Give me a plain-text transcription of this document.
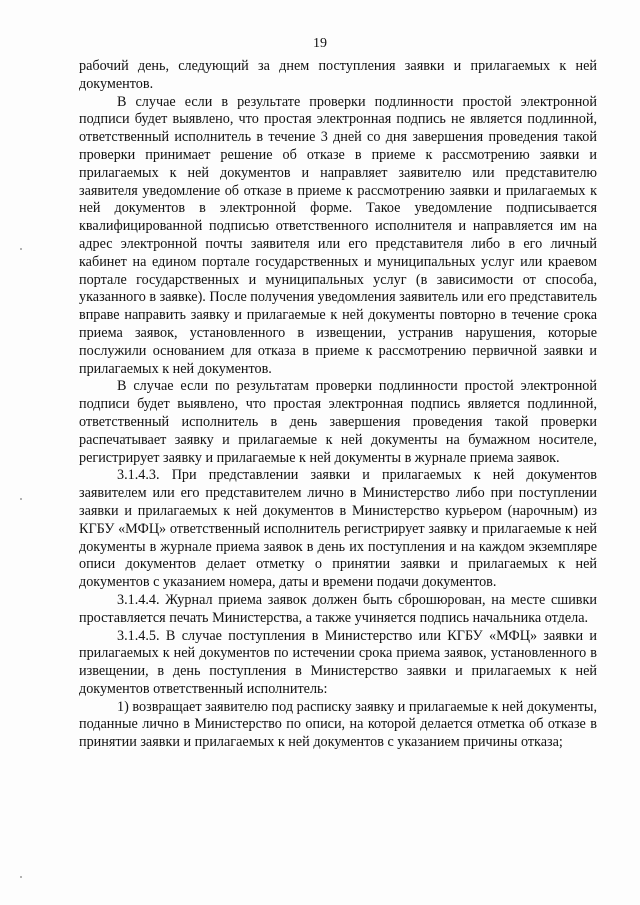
19

рабочий день, следующий за днем поступления заявки и прилагаемых к ней документов.

В случае если в результате проверки подлинности простой электронной подписи будет выявлено, что простая электронная подпись не является подлинной, ответственный исполнитель в течение 3 дней со дня завершения проведения такой проверки принимает решение об отказе в приеме к рассмотрению заявки и прилагаемых к ней документов и направляет заявителю или представителю заявителя уведомление об отказе в приеме к рассмотрению заявки и прилагаемых к ней документов в электронной форме. Такое уведомление подписывается квалифицированной подписью ответственного исполнителя и направляется им на адрес электронной почты заявителя или его представителя либо в его личный кабинет на едином портале государственных и муниципальных услуг или краевом портале государственных и муниципальных услуг (в зависимости от способа, указанного в заявке). После получения уведомления заявитель или его представитель вправе направить заявку и прилагаемые к ней документы повторно в течение срока приема заявок, установленного в извещении, устранив нарушения, которые послужили основанием для отказа в приеме к рассмотрению первичной заявки и прилагаемых к ней документов.

В случае если по результатам проверки подлинности простой электронной подписи будет выявлено, что простая электронная подпись является подлинной, ответственный исполнитель в день завершения проведения такой проверки распечатывает заявку и прилагаемые к ней документы на бумажном носителе, регистрирует заявку и прилагаемые к ней документы в журнале приема заявок.

3.1.4.3. При представлении заявки и прилагаемых к ней документов заявителем или его представителем лично в Министерство либо при поступлении заявки и прилагаемых к ней документов в Министерство курьером (нарочным) из КГБУ «МФЦ» ответственный исполнитель регистрирует заявку и прилагаемые к ней документы в журнале приема заявок в день их поступления и на каждом экземпляре описи документов делает отметку о принятии заявки и прилагаемых к ней документов с указанием номера, даты и времени подачи документов.

3.1.4.4. Журнал приема заявок должен быть сброшюрован, на месте сшивки проставляется печать Министерства, а также учиняется подпись начальника отдела.

3.1.4.5. В случае поступления в Министерство или КГБУ «МФЦ» заявки и прилагаемых к ней документов по истечении срока приема заявок, установленного в извещении, в день поступления в Министерство заявки и прилагаемых к ней документов ответственный исполнитель:

1) возвращает заявителю под расписку заявку и прилагаемые к ней документы, поданные лично в Министерство по описи, на которой делается отметка об отказе в принятии заявки и прилагаемых к ней документов с указанием причины отказа;
